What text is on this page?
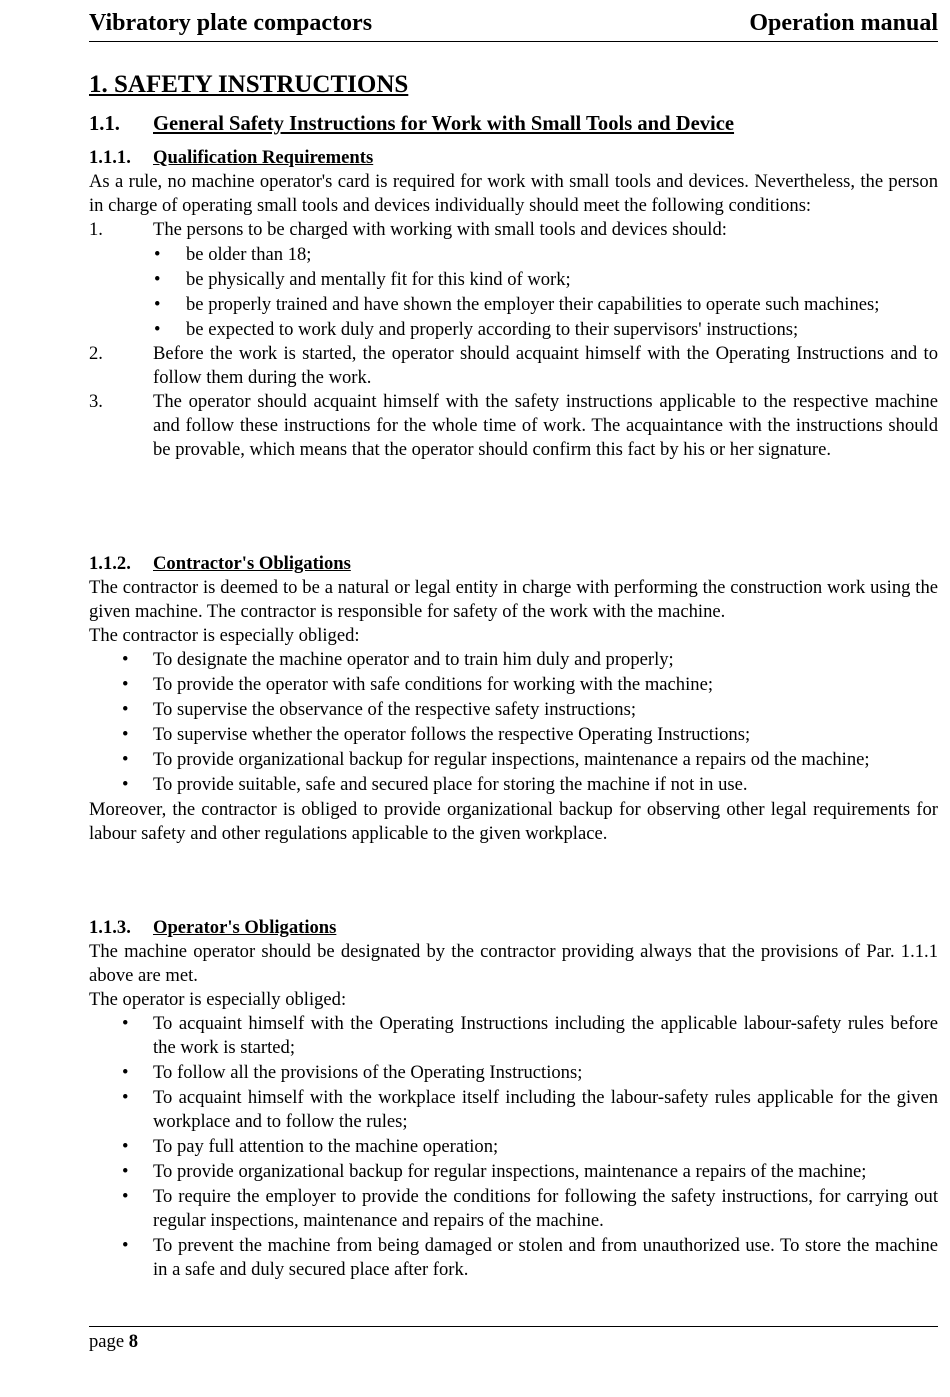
Vibratory plate compactors	Operation manual
1. SAFETY INSTRUCTIONS
1.1. General Safety Instructions for Work with Small Tools and Device
1.1.1. Qualification Requirements

As a rule, no machine operator's card is required for work with small tools and devices. Nevertheless, the person in charge of operating small tools and devices individually should meet the following conditions:

1.	The persons to be charged with working with small tools and devices should:
• be older than 18;
• be physically and mentally fit for this kind of work;
• be properly trained and have shown the employer their capabilities to operate such machines;
• be expected to work duly and properly according to their supervisors' instructions;
2.	Before the work is started, the operator should acquaint himself with the Operating Instructions and to follow them during the work.
3.	The operator should acquaint himself with the safety instructions applicable to the respective machine and follow these instructions for the whole time of work. The acquaintance with the instructions should be provable, which means that the operator should confirm this fact by his or her signature.
1.1.2. Contractor's Obligations

The contractor is deemed to be a natural or legal entity in charge with performing the construction work using the given machine. The contractor is responsible for safety of the work with the machine.

The contractor is especially obliged:

• To designate the machine operator and to train him duly and properly;
• To provide the operator with safe conditions for working with the machine;
• To supervise the observance of the respective safety instructions;
• To supervise whether the operator follows the respective Operating Instructions;
• To provide organizational backup for regular inspections, maintenance a repairs od the machine;
• To provide suitable, safe and secured place for storing the machine if not in use.

Moreover, the contractor is obliged to provide organizational backup for observing other legal requirements for labour safety and other regulations applicable to the given workplace.

1.1.3. Operator's Obligations

The machine operator should be designated by the contractor providing always that the provisions of Par. 1.1.1 above are met.

The operator is especially obliged:

• To acquaint himself with the Operating Instructions including the applicable labour-safety rules before the work is started;
• To follow all the provisions of the Operating Instructions;
• To acquaint himself with the workplace itself including the labour-safety rules applicable for the given workplace and to follow the rules;
• To pay full attention to the machine operation;
• To provide organizational backup for regular inspections, maintenance a repairs of the machine;
• To require the employer to provide the conditions for following the safety instructions, for carrying out regular inspections, maintenance and repairs of the machine.
• To prevent the machine from being damaged or stolen and from unauthorized use. To store the machine in a safe and duly secured place after fork.
page 8
